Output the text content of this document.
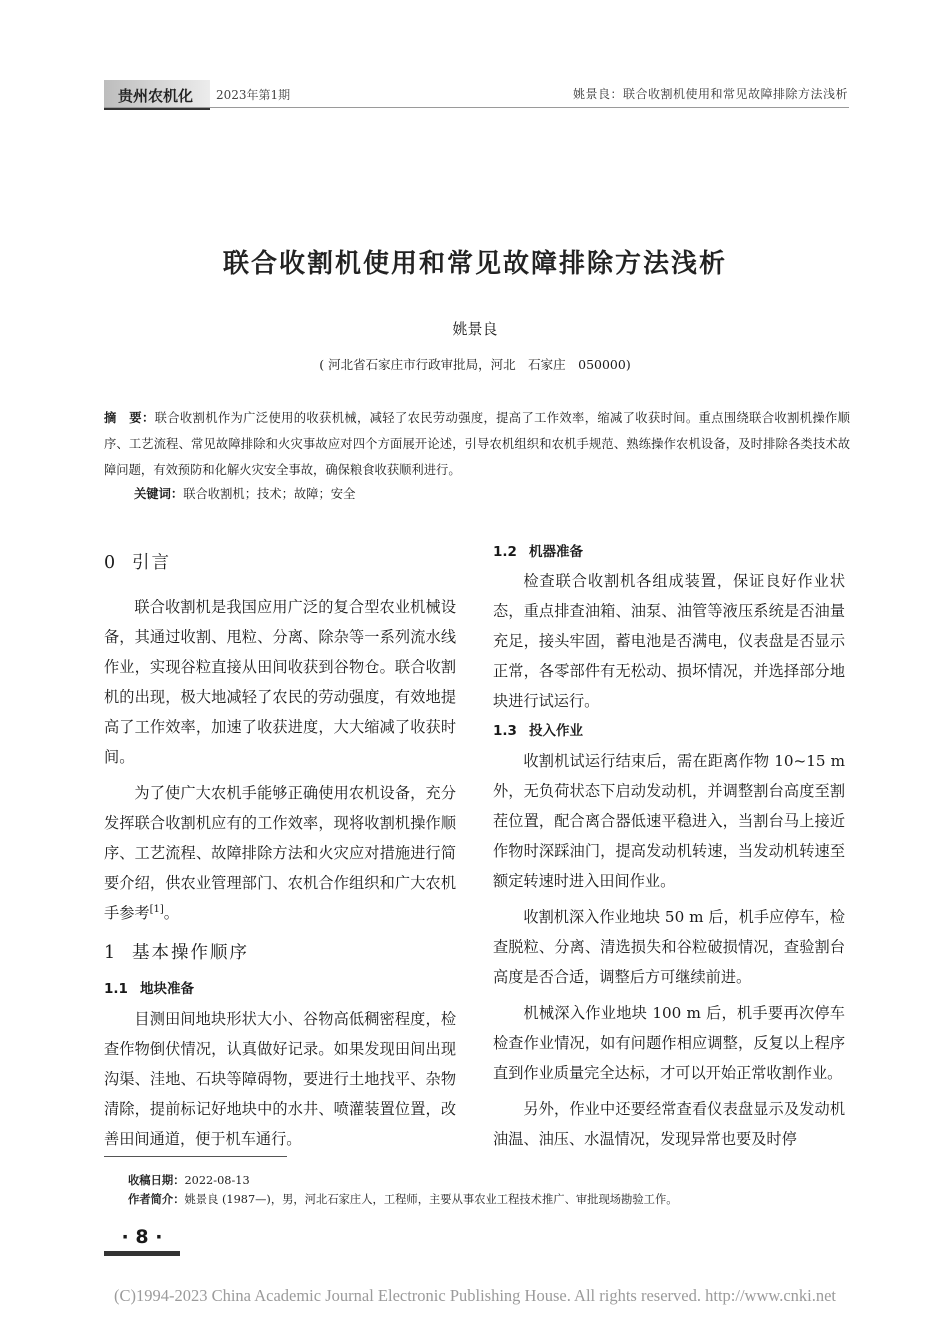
贵州农机化 2023年第1期	姚景良：联合收割机使用和常见故障排除方法浅析
联合收割机使用和常见故障排除方法浅析
姚景良
( 河北省石家庄市行政审批局，河北　石家庄　050000)
摘　要：联合收割机作为广泛使用的收获机械，减轻了农民劳动强度，提高了工作效率，缩减了收获时间。重点围绕联合收割机操作顺序、工艺流程、常见故障排除和火灾事故应对四个方面展开论述，引导农机组织和农机手规范、熟练操作农机设备，及时排除各类技术故障问题，有效预防和化解火灾安全事故，确保粮食收获顺利进行。
关键词：联合收割机；技术；故障；安全
0 引言

联合收割机是我国应用广泛的复合型农业机械设备，其通过收割、甩粒、分离、除杂等一系列流水线作业，实现谷粒直接从田间收获到谷物仓。联合收割机的出现，极大地减轻了农民的劳动强度，有效地提高了工作效率，加速了收获进度，大大缩减了收获时间。

为了使广大农机手能够正确使用农机设备，充分发挥联合收割机应有的工作效率，现将收割机操作顺序、工艺流程、故障排除方法和火灾应对措施进行简要介绍，供农业管理部门、农机合作组织和广大农机手参考[1]。

1 基本操作顺序
1.1 地块准备

目测田间地块形状大小、谷物高低稠密程度，检查作物倒伏情况，认真做好记录。如果发现田间出现沟渠、洼地、石块等障碍物，要进行土地找平、杂物清除，提前标记好地块中的水井、喷灌装置位置，改善田间通道，便于机车通行。

1.2 机器准备

检查联合收割机各组成装置，保证良好作业状态，重点排查油箱、油泵、油管等液压系统是否油量充足，接头牢固，蓄电池是否满电，仪表盘是否显示正常，各零部件有无松动、损坏情况，并选择部分地块进行试运行。

1.3 投入作业

收割机试运行结束后，需在距离作物 10~15 m 外，无负荷状态下启动发动机，并调整割台高度至割茬位置，配合离合器低速平稳进入，当割台马上接近作物时深踩油门，提高发动机转速，当发动机转速至额定转速时进入田间作业。

收割机深入作业地块 50 m 后，机手应停车，检查脱粒、分离、清选损失和谷粒破损情况，查验割台高度是否合适，调整后方可继续前进。

机械深入作业地块 100 m 后，机手要再次停车检查作业情况，如有问题作相应调整，反复以上程序直到作业质量完全达标，才可以开始正常收割作业。

另外，作业中还要经常查看仪表盘显示及发动机油温、油压、水温情况，发现异常也要及时停

收稿日期：2022-08-13
作者简介：姚景良 (1987—)，男，河北石家庄人，工程师，主要从事农业工程技术推广、审批现场勘验工作。
· 8 ·
(C)1994-2023 China Academic Journal Electronic Publishing House. All rights reserved. http://www.cnki.net
